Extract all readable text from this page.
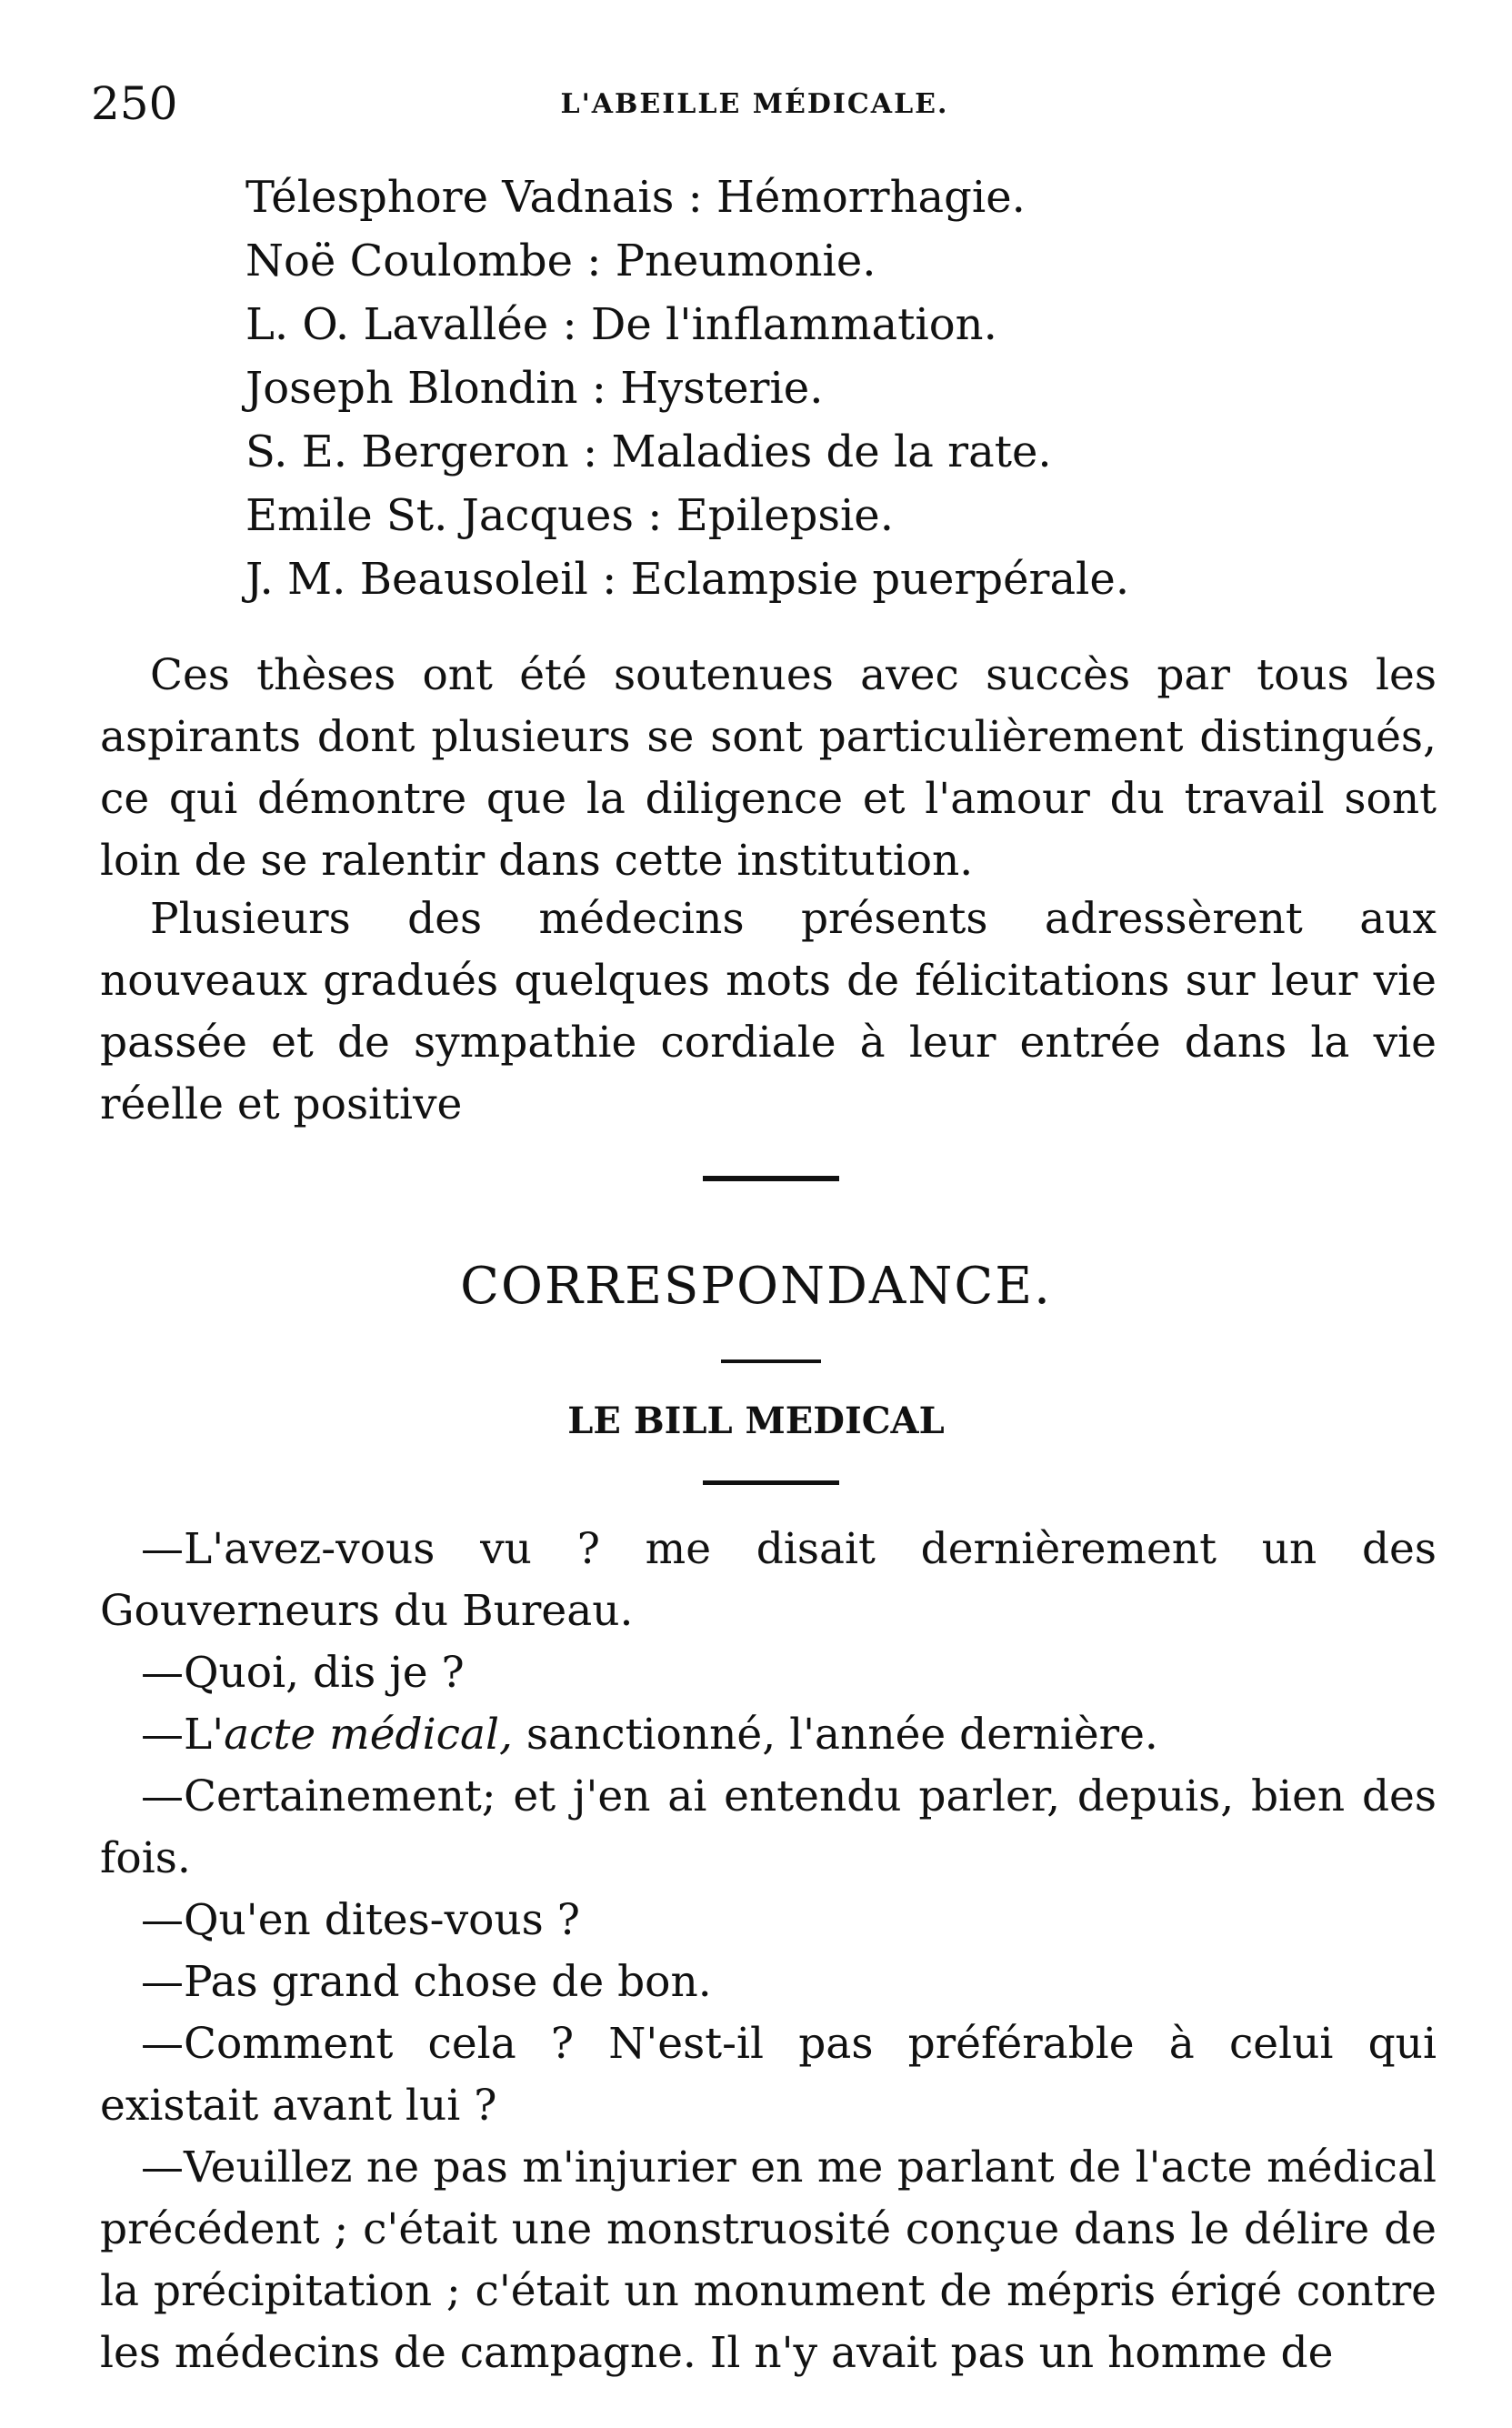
250	L'ABEILLE MÉDICALE.
Télesphore Vadnais : Hémorrhagie.
Noë Coulombe : Pneumonie.
L. O. Lavallée : De l'inflammation.
Joseph Blondin : Hysterie.
S. E. Bergeron : Maladies de la rate.
Emile St. Jacques : Epilepsie.
J. M. Beausoleil : Eclampsie puerpérale.

Ces thèses ont été soutenues avec succès par tous les aspirants dont plusieurs se sont particulièrement distingués, ce qui démontre que la diligence et l'amour du travail sont loin de se ralentir dans cette institution.

Plusieurs des médecins présents adressèrent aux nouveaux gradués quelques mots de félicitations sur leur vie passée et de sympathie cordiale à leur entrée dans la vie réelle et positive

CORRESPONDANCE.
LE BILL MEDICAL

—L'avez-vous vu ? me disait dernièrement un des Gouverneurs du Bureau.

—Quoi, dis je ?

—L'acte médical, sanctionné, l'année dernière.

—Certainement; et j'en ai entendu parler, depuis, bien des fois.

—Qu'en dites-vous ?

—Pas grand chose de bon.

—Comment cela ? N'est-il pas préférable à celui qui existait avant lui ?

—Veuillez ne pas m'injurier en me parlant de l'acte médical précédent ; c'était une monstruosité conçue dans le délire de la précipitation ; c'était un monument de mépris érigé contre les médecins de campagne. Il n'y avait pas un homme de
